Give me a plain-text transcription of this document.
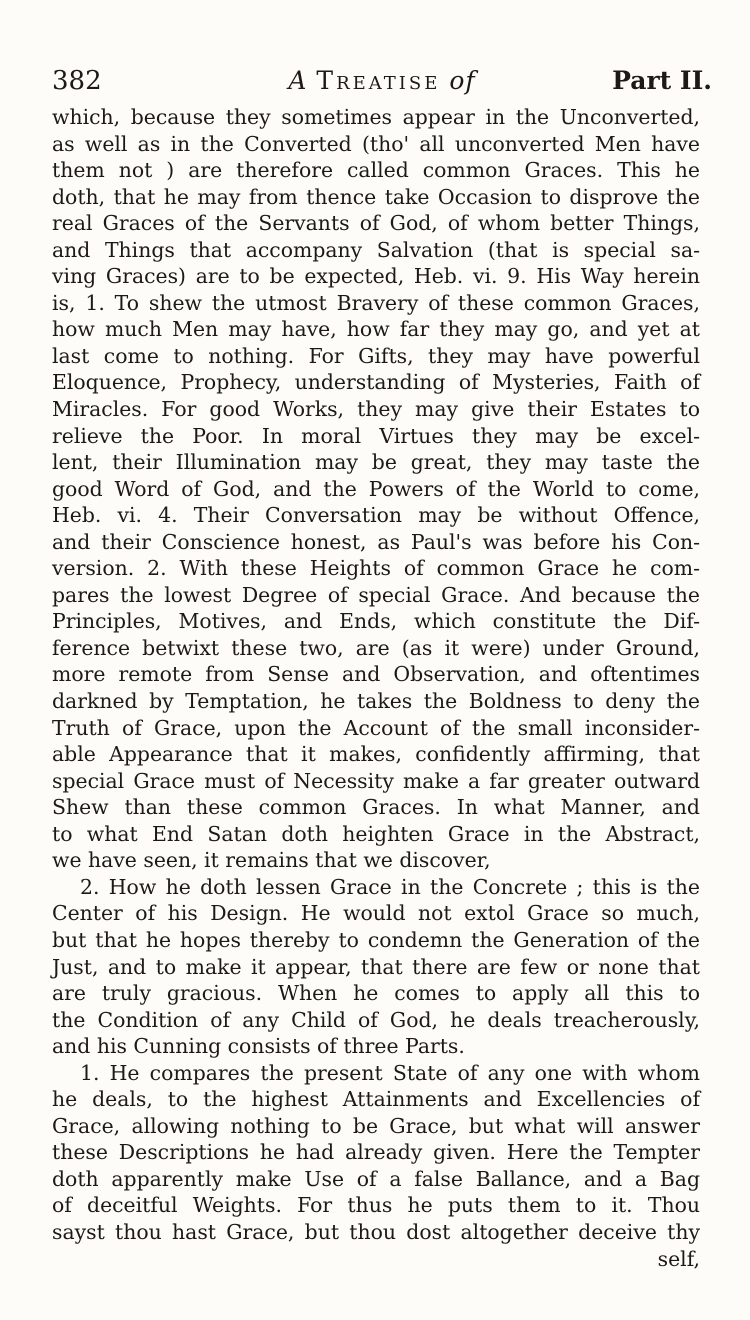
382	A Treatise of	Part II.
which, because they sometimes appear in the Unconverted,
as well as in the Converted (tho' all unconverted Men have
them not ) are therefore called common Graces. This he
doth, that he may from thence take Occasion to disprove the
real Graces of the Servants of God, of whom better Things,
and Things that accompany Salvation (that is special sa-
ving Graces) are to be expected, Heb. vi. 9. His Way herein
is, 1. To shew the utmost Bravery of these common Graces,
how much Men may have, how far they may go, and yet at
last come to nothing. For Gifts, they may have powerful
Eloquence, Prophecy, understanding of Mysteries, Faith of
Miracles. For good Works, they may give their Estates to
relieve the Poor. In moral Virtues they may be excel-
lent, their Illumination may be great, they may taste the
good Word of God, and the Powers of the World to come,
Heb. vi. 4. Their Conversation may be without Offence,
and their Conscience honest, as Paul's was before his Con-
version. 2. With these Heights of common Grace he com-
pares the lowest Degree of special Grace. And because the
Principles, Motives, and Ends, which constitute the Dif-
ference betwixt these two, are (as it were) under Ground,
more remote from Sense and Observation, and oftentimes
darkned by Temptation, he takes the Boldness to deny the
Truth of Grace, upon the Account of the small inconsider-
able Appearance that it makes, confidently affirming, that
special Grace must of Necessity make a far greater outward
Shew than these common Graces. In what Manner, and
to what End Satan doth heighten Grace in the Abstract,
we have seen, it remains that we discover,
2. How he doth lessen Grace in the Concrete ; this is the
Center of his Design. He would not extol Grace so much,
but that he hopes thereby to condemn the Generation of the
Just, and to make it appear, that there are few or none that
are truly gracious. When he comes to apply all this to
the Condition of any Child of God, he deals treacherously,
and his Cunning consists of three Parts.
1. He compares the present State of any one with whom
he deals, to the highest Attainments and Excellencies of
Grace, allowing nothing to be Grace, but what will answer
these Descriptions he had already given. Here the Tempter
doth apparently make Use of a false Ballance, and a Bag
of deceitful Weights. For thus he puts them to it. Thou
sayst thou hast Grace, but thou dost altogether deceive thy
self,
